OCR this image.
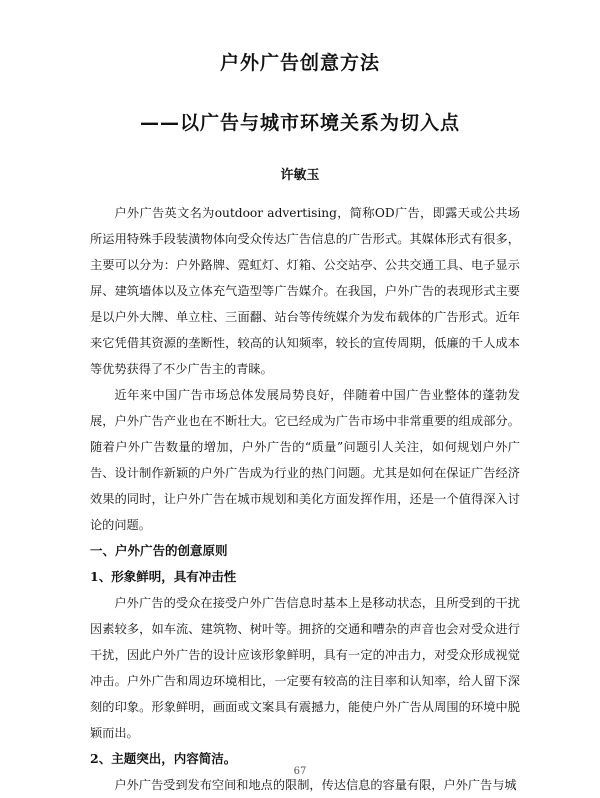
户外广告创意方法
——以广告与城市环境关系为切入点
许敏玉

户外广告英文名为outdoor advertising，简称OD广告，即露天或公共场所运用特殊手段装潢物体向受众传达广告信息的广告形式。其媒体形式有很多，主要可以分为：户外路牌、霓虹灯、灯箱、公交站亭、公共交通工具、电子显示屏、建筑墙体以及立体充气造型等广告媒介。在我国，户外广告的表现形式主要是以户外大牌、单立柱、三面翻、站台等传统媒介为发布载体的广告形式。近年来它凭借其资源的垄断性，较高的认知频率，较长的宣传周期，低廉的千人成本等优势获得了不少广告主的青睐。

近年来中国广告市场总体发展局势良好，伴随着中国广告业整体的蓬勃发展，户外广告产业也在不断壮大。它已经成为广告市场中非常重要的组成部分。随着户外广告数量的增加，户外广告的“质量”问题引人关注，如何规划户外广告、设计制作新颖的户外广告成为行业的热门问题。尤其是如何在保证广告经济效果的同时，让户外广告在城市规划和美化方面发挥作用，还是一个值得深入讨论的问题。

一、户外广告的创意原则
1、形象鲜明，具有冲击性

户外广告的受众在接受户外广告信息时基本上是移动状态，且所受到的干扰因素较多，如车流、建筑物、树叶等。拥挤的交通和嘈杂的声音也会对受众进行干扰，因此户外广告的设计应该形象鲜明，具有一定的冲击力，对受众形成视觉冲击。户外广告和周边环境相比，一定要有较高的注目率和认知率，给人留下深刻的印象。形象鲜明，画面或文案具有震撼力，能使户外广告从周围的环境中脱颖而出。

2、主题突出，内容简洁。

户外广告受到发布空间和地点的限制，传达信息的容量有限，户外广告与城

67
